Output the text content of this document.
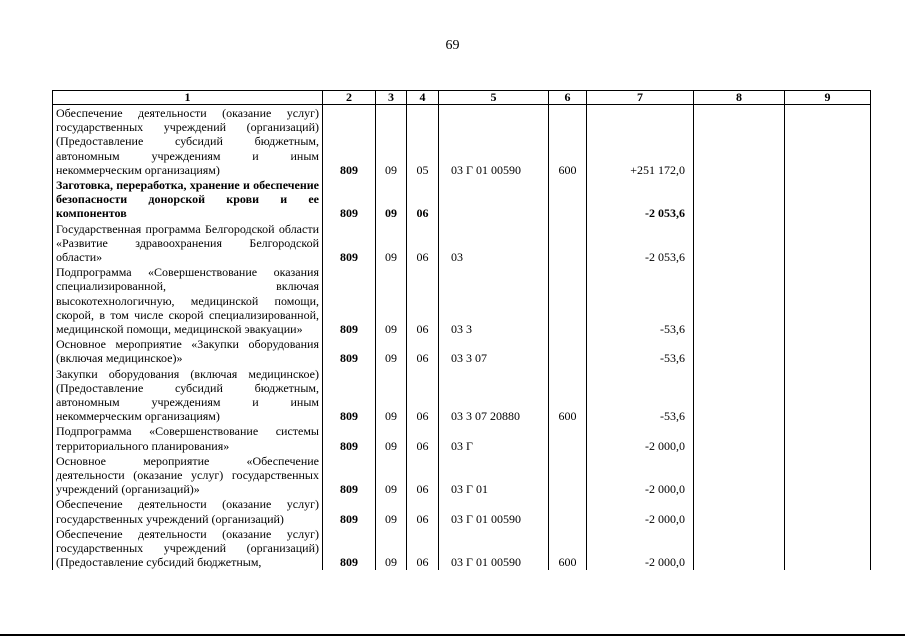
69
1	2	3	4	5	6	7	8	9
Обеспечение деятельности (оказание услуг) государственных учреждений (организаций) (Предоставление субсидий бюджетным, автономным учреждениям и иным некоммерческим организациям)	809	09	05	03 Г 01 00590	600	+251 172,0		
Заготовка, переработка, хранение и обеспечение безопасности донорской крови и ее компонентов	809	09	06			-2 053,6		
Государственная программа Белгородской области «Развитие здравоохранения Белгородской области»	809	09	06	03		-2 053,6		
Подпрограмма «Совершенствование оказания специализированной, включая высокотехнологичную, медицинской помощи, скорой, в том числе скорой специализированной, медицинской помощи, медицинской эвакуации»	809	09	06	03 3		-53,6		
Основное мероприятие «Закупки оборудования (включая медицинское)»	809	09	06	03 3 07		-53,6		
Закупки оборудования (включая медицинское) (Предоставление субсидий бюджетным, автономным учреждениям и иным некоммерческим организациям)	809	09	06	03 3 07 20880	600	-53,6		
Подпрограмма «Совершенствование системы территориального планирования»	809	09	06	03 Г		-2 000,0		
Основное мероприятие «Обеспечение деятельности (оказание услуг) государственных учреждений (организаций)»	809	09	06	03 Г 01		-2 000,0		
Обеспечение деятельности (оказание услуг) государственных учреждений (организаций)	809	09	06	03 Г 01 00590		-2 000,0		
Обеспечение деятельности (оказание услуг) государственных учреждений (организаций) (Предоставление субсидий бюджетным,	809	09	06	03 Г 01 00590	600	-2 000,0		
